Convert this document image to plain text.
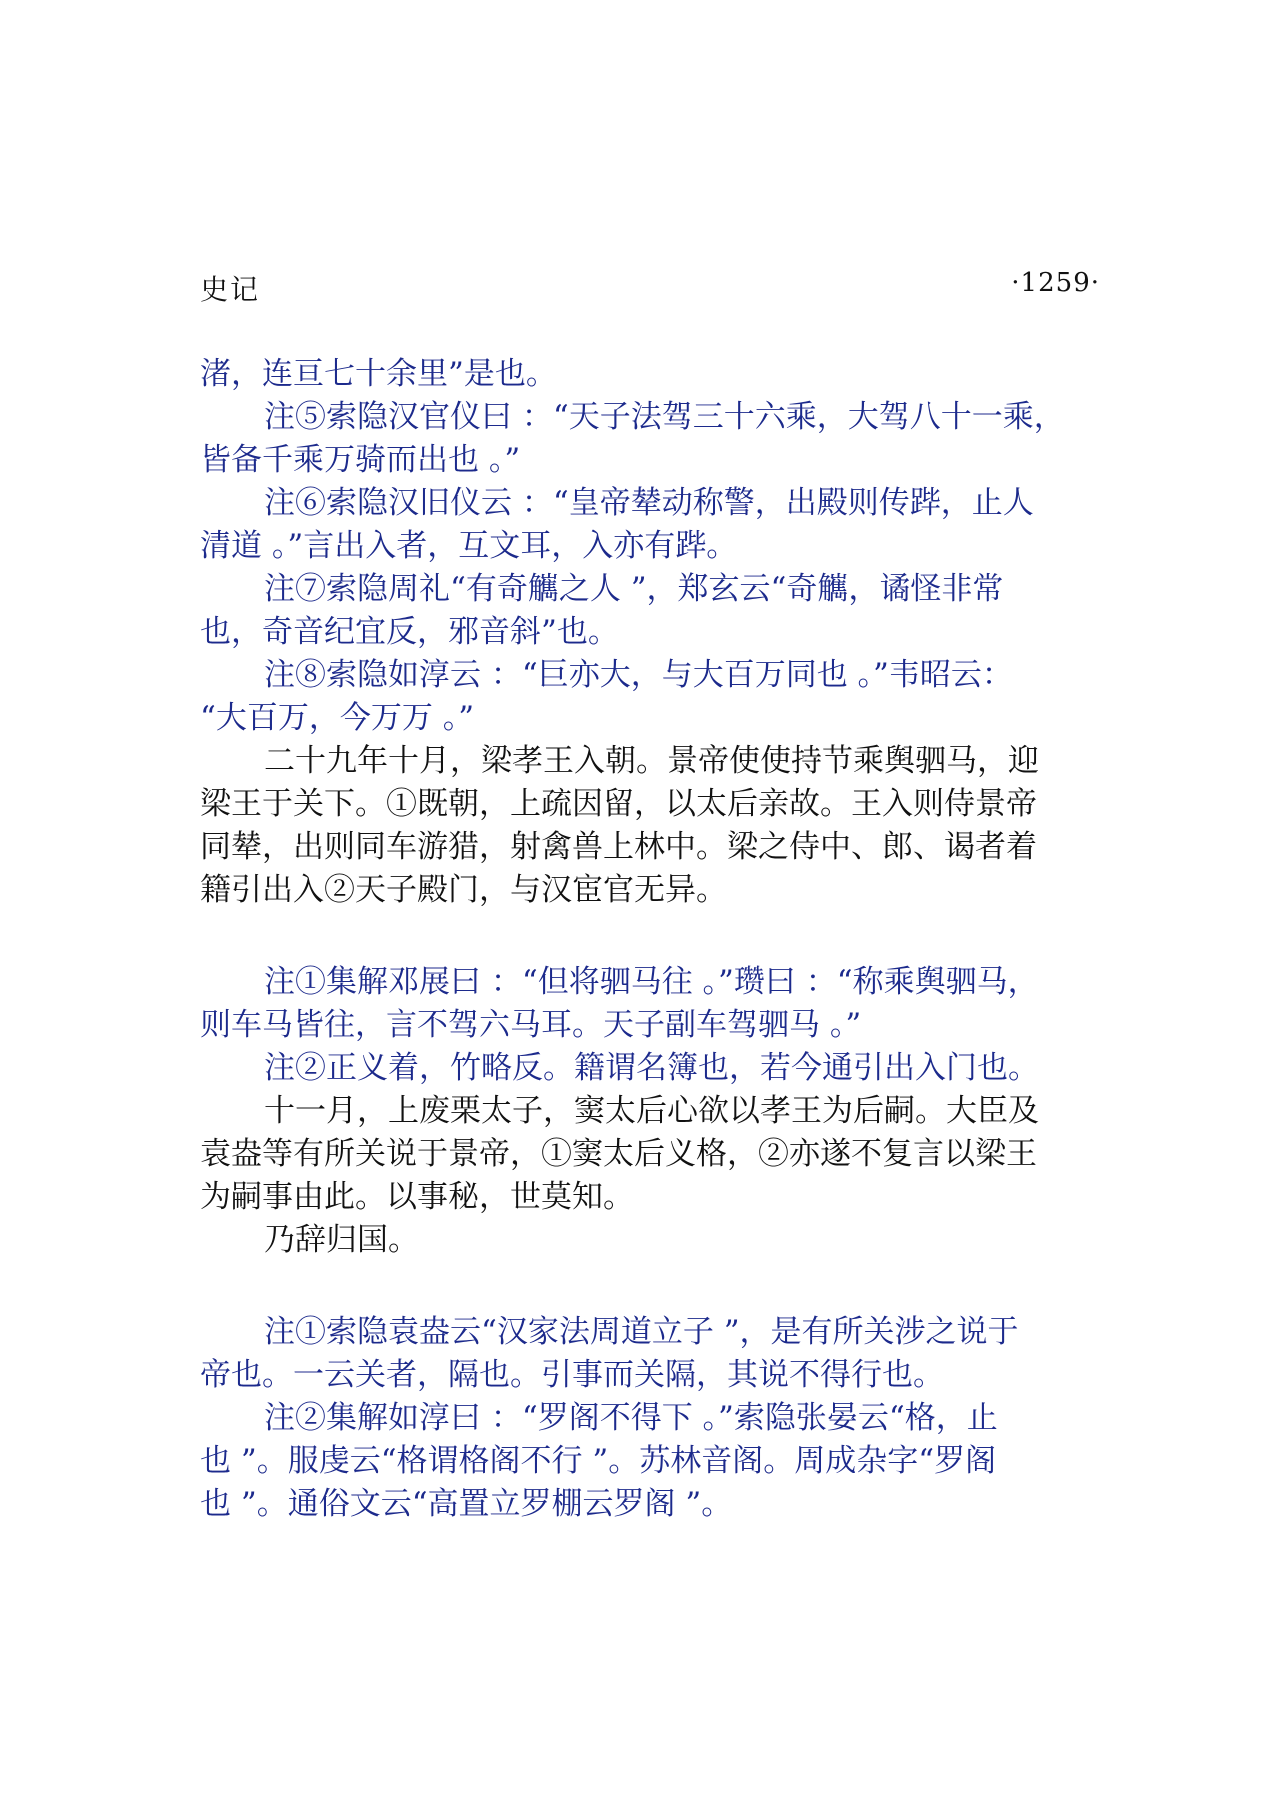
史记	·1259·
渚，连亘七十余里”是也。
注⑤索隐汉官仪曰 ：“天子法驾三十六乘，大驾八十一乘，
皆备千乘万骑而出也 。”
注⑥索隐汉旧仪云 ：“皇帝辇动称警，出殿则传跸，止人
清道 。”言出入者，互文耳，入亦有跸。
注⑦索隐周礼“有奇觽之人 ”，郑玄云“奇觽，谲怪非常
也，奇音纪宜反，邪音斜”也。
注⑧索隐如淳云 ：“巨亦大，与大百万同也 。”韦昭云：
“大百万，今万万 。”
二十九年十月，梁孝王入朝。景帝使使持节乘舆驷马，迎
梁王于关下。①既朝，上疏因留，以太后亲故。王入则侍景帝
同辇，出则同车游猎，射禽兽上林中。梁之侍中、郎、谒者着
籍引出入②天子殿门，与汉宦官无异。
注①集解邓展曰 ：“但将驷马往 。”瓒曰 ：“称乘舆驷马，
则车马皆往，言不驾六马耳。天子副车驾驷马 。”
注②正义着，竹略反。籍谓名簿也，若今通引出入门也。
十一月，上废栗太子，窦太后心欲以孝王为后嗣。大臣及
袁盎等有所关说于景帝，①窦太后义格，②亦遂不复言以梁王
为嗣事由此。以事秘，世莫知。
乃辞归国。
注①索隐袁盎云“汉家法周道立子 ”，是有所关涉之说于
帝也。一云关者，隔也。引事而关隔，其说不得行也。
注②集解如淳曰 ：“罗阁不得下 。”索隐张晏云“格，止
也 ”。服虔云“格谓格阁不行 ”。苏林音阁。周成杂字“罗阁
也 ”。通俗文云“高置立罗棚云罗阁 ”。
